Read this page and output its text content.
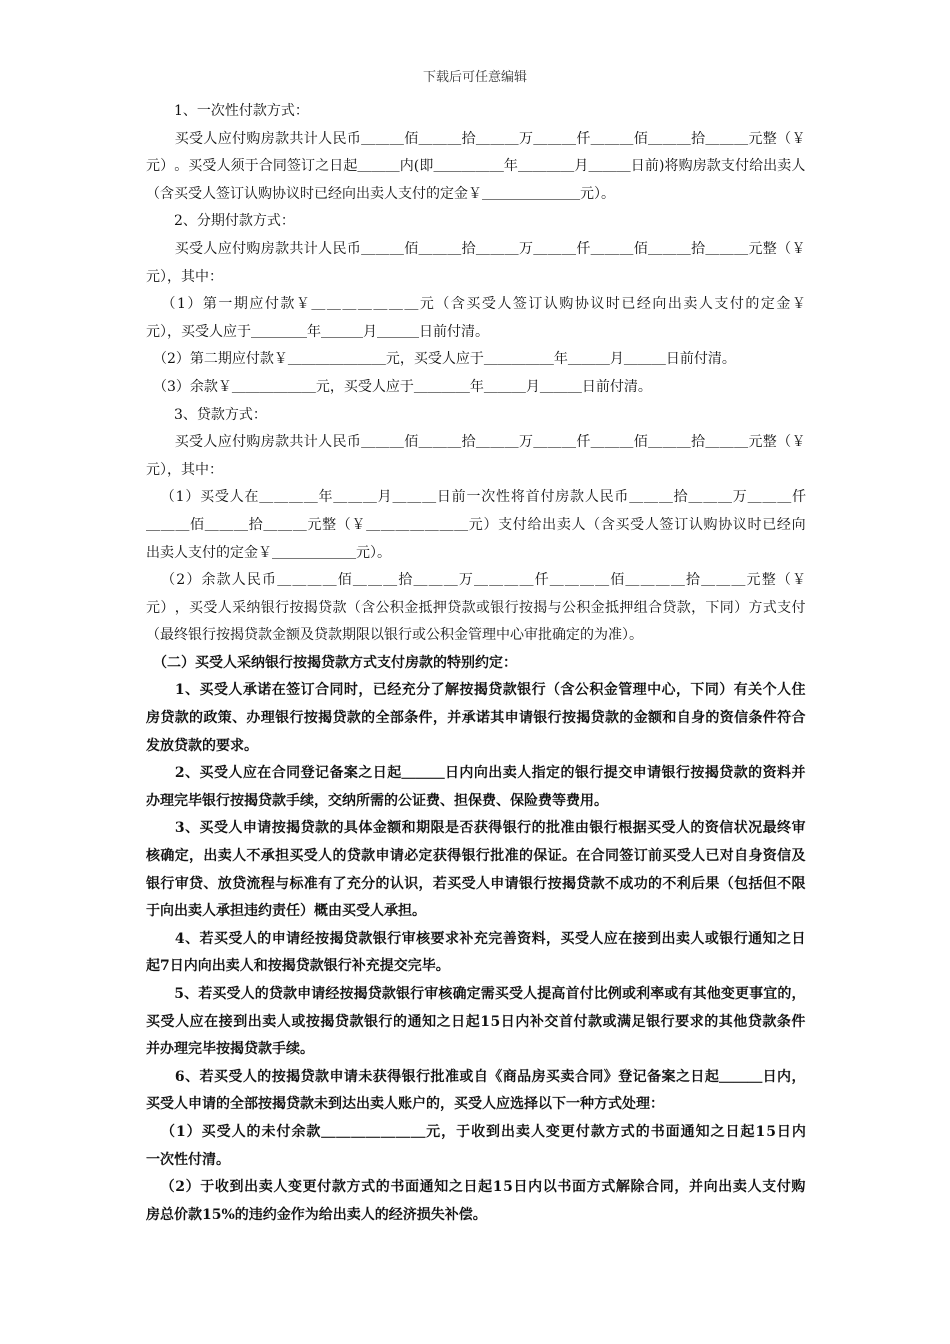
下载后可任意编辑
　　1、一次性付款方式：

买 受 人 应 付 购 房 款 共 计 人 民 币 ＿ ＿ ＿ 佰 ＿ ＿ ＿ 拾 ＿ ＿ ＿ 万 ＿ ＿ ＿ 仟 ＿ ＿ ＿ 佰 ＿ ＿ ＿ 拾 ＿ ＿ ＿ 元 整 （ ￥
元 ） 。 买 受 人 须 于 合 同 签 订 之 日 起 ＿ ＿ ＿ 内 ( 即 ＿ ＿ ＿ ＿ ＿ 年 ＿ ＿ ＿ ＿ 月 ＿ ＿ ＿ 日 前 ) 将 购 房 款 支 付 给 出 卖 人
（含买受人签订认购协议时已经向出卖人支付的定金￥＿＿＿＿＿＿＿元）。
　　2、分期付款方式：

买 受 人 应 付 购 房 款 共 计 人 民 币 ＿ ＿ ＿ 佰 ＿ ＿ ＿ 拾 ＿ ＿ ＿ 万 ＿ ＿ ＿ 仟 ＿ ＿ ＿ 佰 ＿ ＿ ＿ 拾 ＿ ＿ ＿ 元 整 （ ￥
元），其中：

（ 1 ） 第 一 期 应 付 款 ￥ ＿ ＿ ＿ ＿ ＿ ＿ ＿ 元 （ 含 买 受 人 签 订 认 购 协 议 时 已 经 向 出 卖 人 支 付 的 定 金 ￥
元），买受人应于＿＿＿＿年＿＿＿月＿＿＿日前付清。
　（2）第二期应付款￥＿＿＿＿＿＿＿元，买受人应于＿＿＿＿＿年＿＿＿月＿＿＿日前付清。
　（3）余款￥＿＿＿＿＿＿元，买受人应于＿＿＿＿年＿＿＿月＿＿＿日前付清。
　　3、贷款方式：

买 受 人 应 付 购 房 款 共 计 人 民 币 ＿ ＿ ＿ 佰 ＿ ＿ ＿ 拾 ＿ ＿ ＿ 万 ＿ ＿ ＿ 仟 ＿ ＿ ＿ 佰 ＿ ＿ ＿ 拾 ＿ ＿ ＿ 元 整 （ ￥
元），其中：

（ 1 ） 买 受 人 在 ＿ ＿ ＿ ＿ 年 ＿ ＿ ＿ 月 ＿ ＿ ＿ 日 前 一 次 性 将 首 付 房 款 人 民 币 ＿ ＿ ＿ 拾 ＿ ＿ ＿ 万 ＿ ＿ ＿ 仟
＿ ＿ ＿ 佰 ＿ ＿ ＿ 拾 ＿ ＿ ＿ 元 整 （ ￥ ＿ ＿ ＿ ＿ ＿ ＿ ＿ 元 ） 支 付 给 出 卖 人 （ 含 买 受 人 签 订 认 购 协 议 时 已 经 向
出卖人支付的定金￥＿＿＿＿＿＿元）。

（ 2 ） 余 款 人 民 币 ＿ ＿ ＿ ＿ 佰 ＿ ＿ ＿ 拾 ＿ ＿ ＿ 万 ＿ ＿ ＿ ＿ 仟 ＿ ＿ ＿ ＿ 佰 ＿ ＿ ＿ ＿ 拾 ＿ ＿ ＿ 元 整 （ ￥
元 ） ， 买 受 人 采 纳 银 行 按 揭 贷 款 （ 含 公 积 金 抵 押 贷 款 或 银 行 按 揭 与 公 积 金 抵 押 组 合 贷 款 ， 下 同 ） 方 式 支 付
（最终银行按揭贷款金额及贷款期限以银行或公积金管理中心审批确定的为准）。
　（二）买受人采纳银行按揭贷款方式支付房款的特别约定：

1 、 买 受 人 承 诺 在 签 订 合 同 时 ， 已 经 充 分 了 解 按 揭 贷 款 银 行 （ 含 公 积 金 管 理 中 心 ， 下 同 ） 有 关 个 人 住
房 贷 款 的 政 策 、 办 理 银 行 按 揭 贷 款 的 全 部 条 件 ， 并 承 诺 其 申 请 银 行 按 揭 贷 款 的 金 额 和 自 身 的 资 信 条 件 符 合
发放贷款的要求。

2 、 买 受 人 应 在 合 同 登 记 备 案 之 日 起 ＿ ＿ ＿ 日 内 向 出 卖 人 指 定 的 银 行 提 交 申 请 银 行 按 揭 贷 款 的 资 料 并
办理完毕银行按揭贷款手续，交纳所需的公证费、担保费、保险费等费用。

3 、 买 受 人 申 请 按 揭 贷 款 的 具 体 金 额 和 期 限 是 否 获 得 银 行 的 批 准 由 银 行 根 据 买 受 人 的 资 信 状 况 最 终 审
核 确 定 ， 出 卖 人 不 承 担 买 受 人 的 贷 款 申 请 必 定 获 得 银 行 批 准 的 保 证 。 在 合 同 签 订 前 买 受 人 已 对 自 身 资 信 及
银 行 审 贷 、 放 贷 流 程 与 标 准 有 了 充 分 的 认 识 ， 若 买 受 人 申 请 银 行 按 揭 贷 款 不 成 功 的 不 利 后 果 （ 包 括 但 不 限
于向出卖人承担违约责任）概由买受人承担。

4 、 若 买 受 人 的 申 请 经 按 揭 贷 款 银 行 审 核 要 求 补 充 完 善 资 料 ， 买 受 人 应 在 接 到 出 卖 人 或 银 行 通 知 之 日
起7日内向出卖人和按揭贷款银行补充提交完毕。

5 、 若 买 受 人 的 贷 款 申 请 经 按 揭 贷 款 银 行 审 核 确 定 需 买 受 人 提 高 首 付 比 例 或 利 率 或 有 其 他 变 更 事 宜 的 ，
买 受 人 应 在 接 到 出 卖 人 或 按 揭 贷 款 银 行 的 通 知 之 日 起 1 5 日 内 补 交 首 付 款 或 满 足 银 行 要 求 的 其 他 贷 款 条 件
并办理完毕按揭贷款手续。

6 、 若 买 受 人 的 按 揭 贷 款 申 请 未 获 得 银 行 批 准 或 自 《 商 品 房 买 卖 合 同 》 登 记 备 案 之 日 起 ＿ ＿ ＿ 日 内 ，
买受人申请的全部按揭贷款未到达出卖人账户的，买受人应选择以下一种方式处理：

（ 1 ） 买 受 人 的 未 付 余 款 ＿ ＿ ＿ ＿ ＿ ＿ ＿ 元 ， 于 收 到 出 卖 人 变 更 付 款 方 式 的 书 面 通 知 之 日 起 1 5 日 内
一次性付清。

（ 2 ） 于 收 到 出 卖 人 变 更 付 款 方 式 的 书 面 通 知 之 日 起 1 5 日 内 以 书 面 方 式 解 除 合 同 ， 并 向 出 卖 人 支 付 购
房总价款15%的违约金作为给出卖人的经济损失补偿。
